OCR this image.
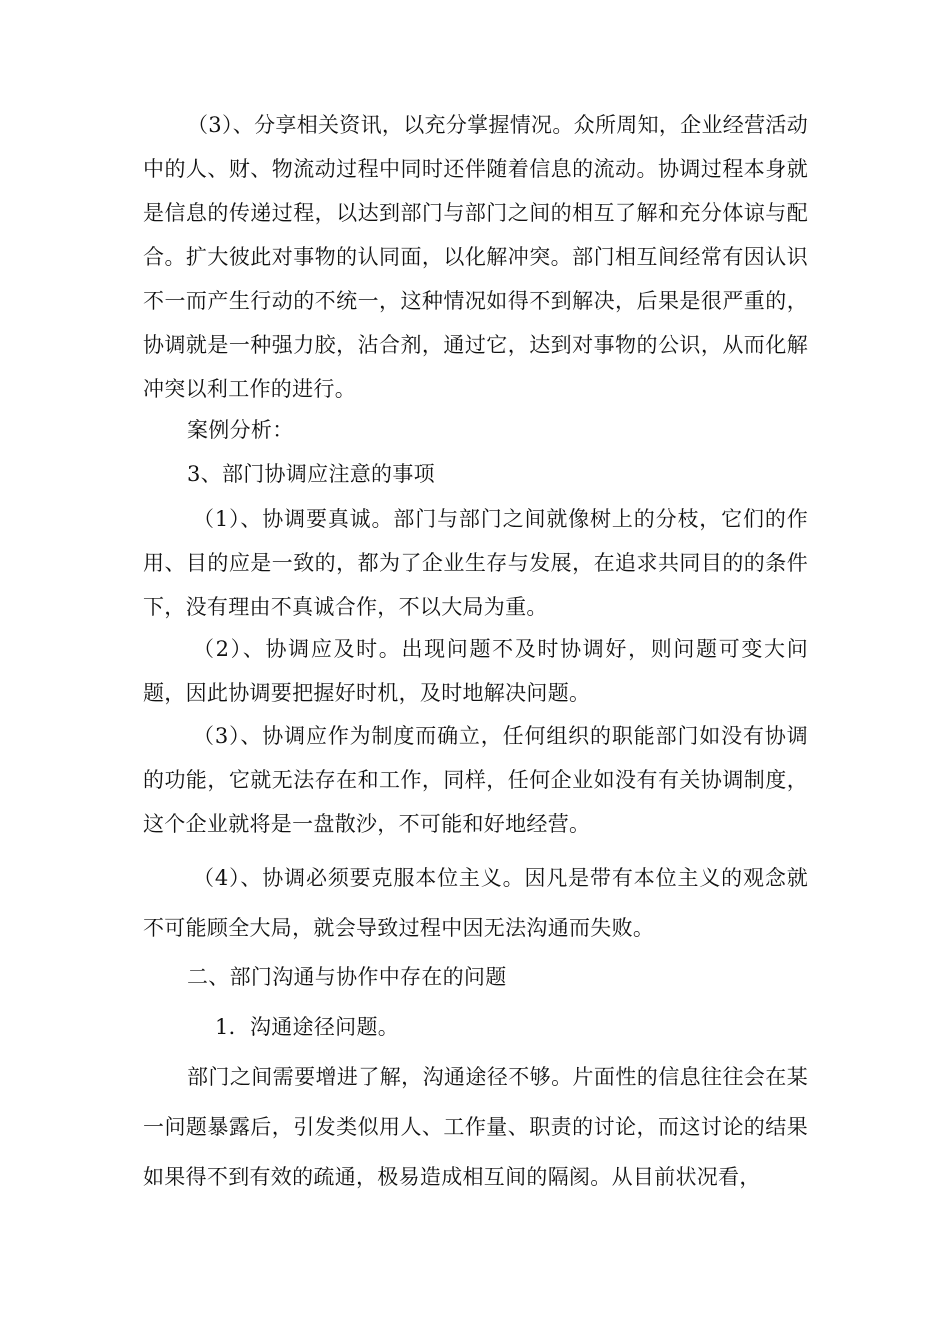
（3）、分享相关资讯，以充分掌握情况。众所周知，企业经营活动中的人、财、物流动过程中同时还伴随着信息的流动。协调过程本身就是信息的传递过程，以达到部门与部门之间的相互了解和充分体谅与配合。扩大彼此对事物的认同面，以化解冲突。部门相互间经常有因认识不一而产生行动的不统一，这种情况如得不到解决，后果是很严重的，协调就是一种强力胶，沾合剂，通过它，达到对事物的公识，从而化解冲突以利工作的进行。

案例分析：

3、部门协调应注意的事项

（1）、协调要真诚。部门与部门之间就像树上的分枝，它们的作用、目的应是一致的，都为了企业生存与发展，在追求共同目的的条件下，没有理由不真诚合作，不以大局为重。

（2）、协调应及时。出现问题不及时协调好，则问题可变大问题，因此协调要把握好时机，及时地解决问题。

（3）、协调应作为制度而确立，任何组织的职能部门如没有协调的功能，它就无法存在和工作，同样，任何企业如没有有关协调制度，这个企业就将是一盘散沙，不可能和好地经营。

（4）、协调必须要克服本位主义。因凡是带有本位主义的观念就不可能顾全大局，就会导致过程中因无法沟通而失败。

二、部门沟通与协作中存在的问题

1．沟通途径问题。

部门之间需要增进了解，沟通途径不够。片面性的信息往往会在某一问题暴露后，引发类似用人、工作量、职责的讨论，而这讨论的结果如果得不到有效的疏通，极易造成相互间的隔阂。从目前状况看，
